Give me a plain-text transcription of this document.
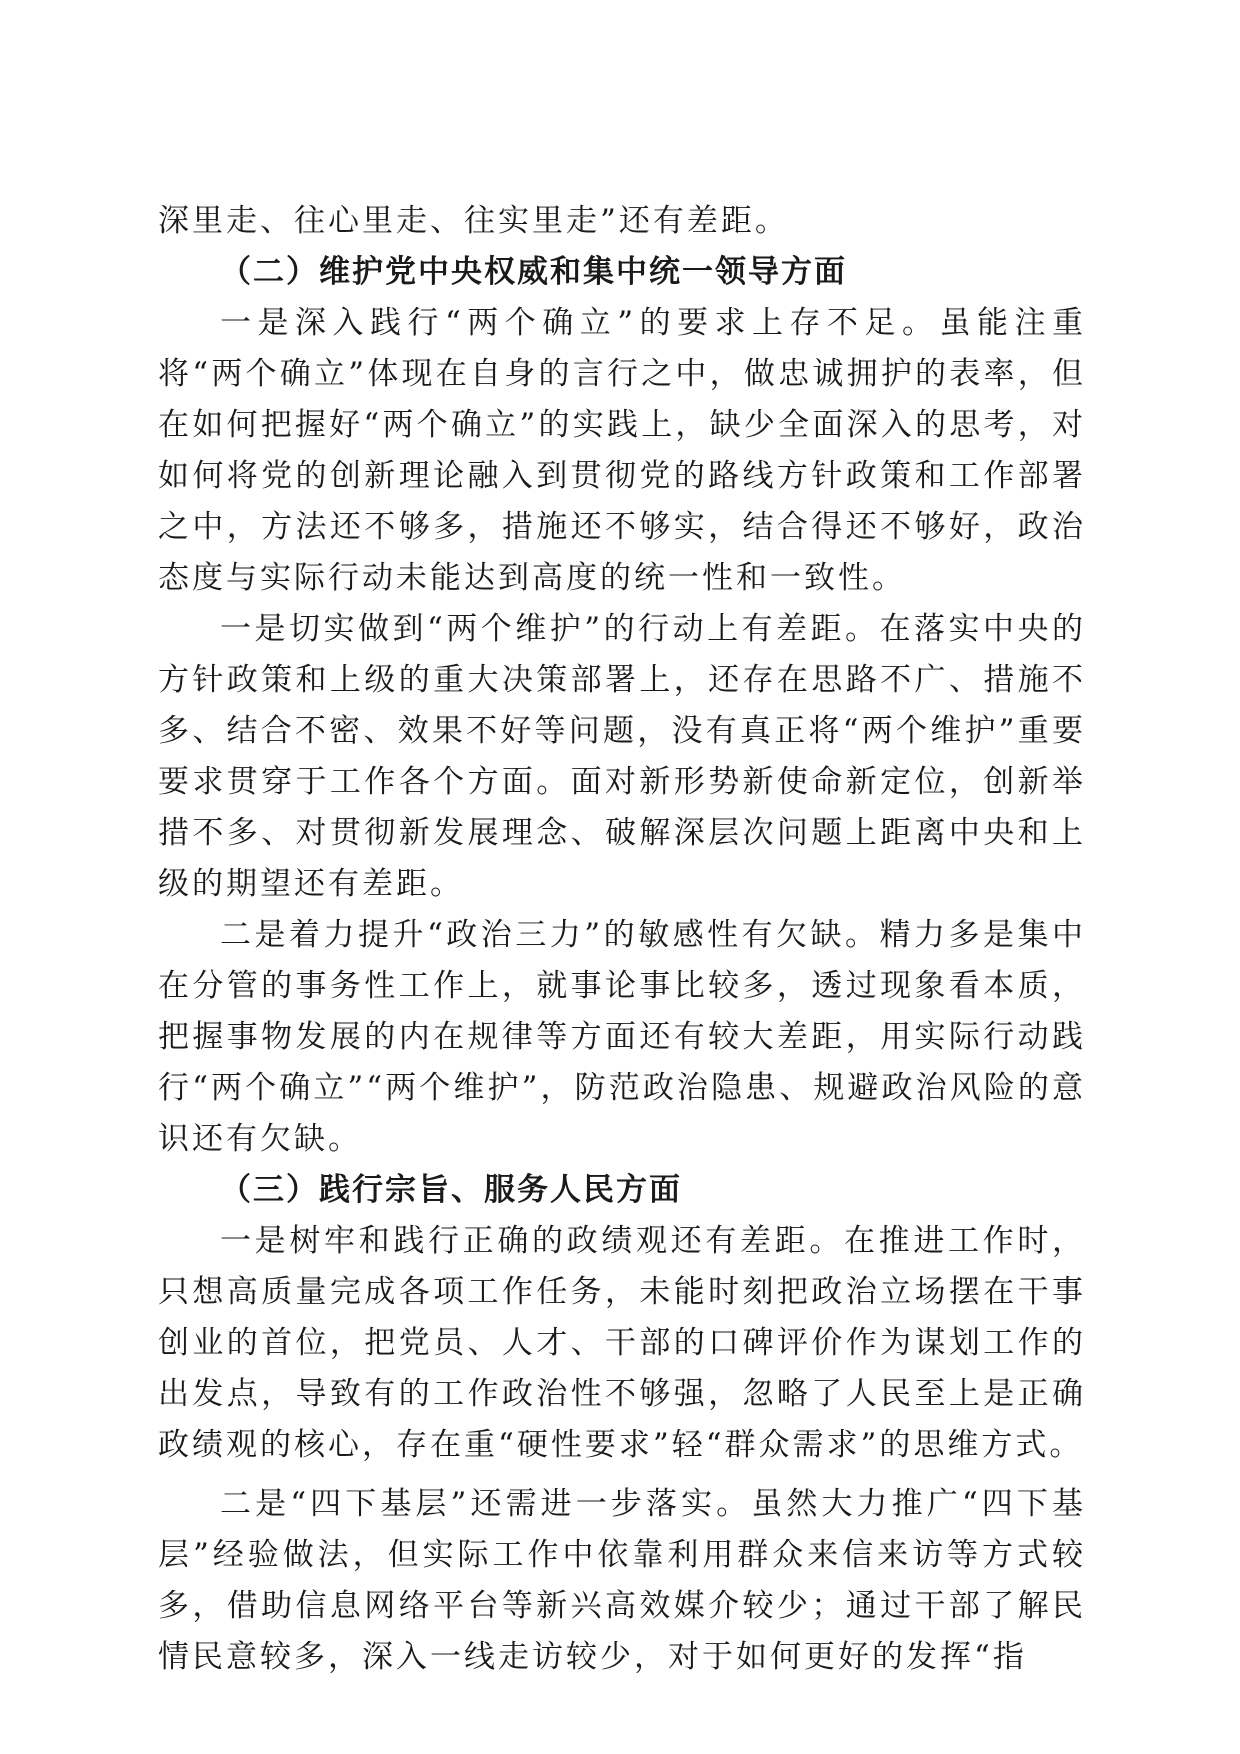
深里走、往心里走、往实里走”还有差距。

（二）维护党中央权威和集中统一领导方面

一是深入践行“两个确立”的要求上存不足。虽能注重将“两个确立”体现在自身的言行之中，做忠诚拥护的表率，但在如何把握好“两个确立”的实践上，缺少全面深入的思考，对如何将党的创新理论融入到贯彻党的路线方针政策和工作部署之中，方法还不够多，措施还不够实，结合得还不够好，政治态度与实际行动未能达到高度的统一性和一致性。

一是切实做到“两个维护”的行动上有差距。在落实中央的方针政策和上级的重大决策部署上，还存在思路不广、措施不多、结合不密、效果不好等问题，没有真正将“两个维护”重要要求贯穿于工作各个方面。面对新形势新使命新定位，创新举措不多、对贯彻新发展理念、破解深层次问题上距离中央和上级的期望还有差距。

二是着力提升“政治三力”的敏感性有欠缺。精力多是集中在分管的事务性工作上，就事论事比较多，透过现象看本质，把握事物发展的内在规律等方面还有较大差距，用实际行动践行“两个确立”“两个维护”，防范政治隐患、规避政治风险的意识还有欠缺。

（三）践行宗旨、服务人民方面

一是树牢和践行正确的政绩观还有差距。在推进工作时，只想高质量完成各项工作任务，未能时刻把政治立场摆在干事创业的首位，把党员、人才、干部的口碑评价作为谋划工作的出发点，导致有的工作政治性不够强，忽略了人民至上是正确政绩观的核心，存在重“硬性要求”轻“群众需求”的思维方式。

二是“四下基层”还需进一步落实。虽然大力推广“四下基层”经验做法，但实际工作中依靠利用群众来信来访等方式较多，借助信息网络平台等新兴高效媒介较少；通过干部了解民情民意较多，深入一线走访较少，对于如何更好的发挥“指
